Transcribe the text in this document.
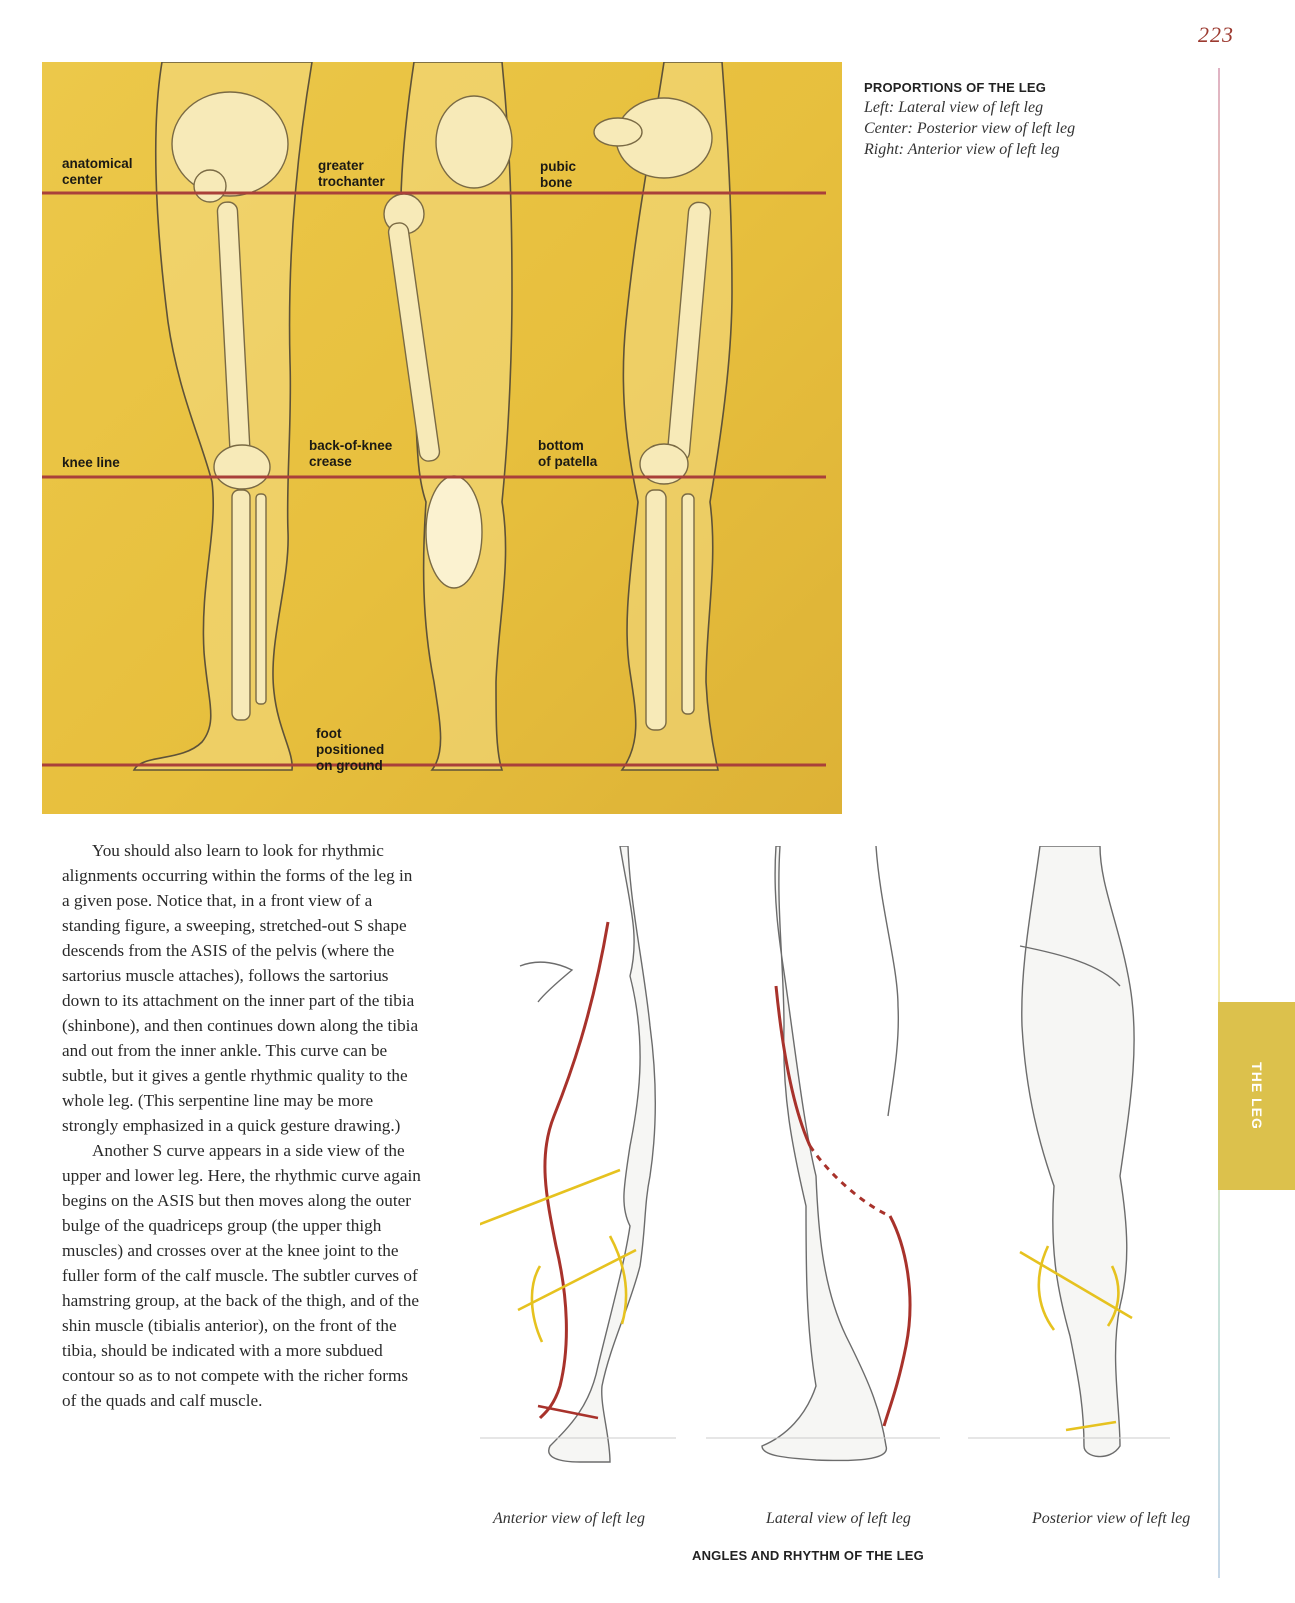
223
anatomical
center
greater
trochanter
pubic
bone
knee line
back-of-knee
crease
bottom
of patella
foot
positioned
on ground
PROPORTIONS OF THE LEG
Left: Lateral view of left leg
Center: Posterior view of left leg
Right: Anterior view of left leg

You should also learn to look for rhythmic alignments occurring within the forms of the leg in a given pose. Notice that, in a front view of a standing figure, a sweeping, stretched-out S shape descends from the ASIS of the pelvis (where the sartorius muscle attaches), follows the sartorius down to its attachment on the inner part of the tibia (shinbone), and then continues down along the tibia and out from the inner ankle. This curve can be subtle, but it gives a gentle rhythmic quality to the whole leg. (This serpentine line may be more strongly emphasized in a quick gesture drawing.)

Another S curve appears in a side view of the upper and lower leg. Here, the rhythmic curve again begins on the ASIS but then moves along the outer bulge of the quadriceps group (the upper thigh muscles) and crosses over at the knee joint to the fuller form of the calf muscle. The subtler curves of hamstring group, at the back of the thigh, and of the shin muscle (tibialis anterior), on the front of the tibia, should be indicated with a more subdued contour so as to not compete with the richer forms of the quads and calf muscle.

Anterior view of left leg	Lateral view of left leg	Posterior view of left leg
ANGLES AND RHYTHM OF THE LEG
THE LEG
